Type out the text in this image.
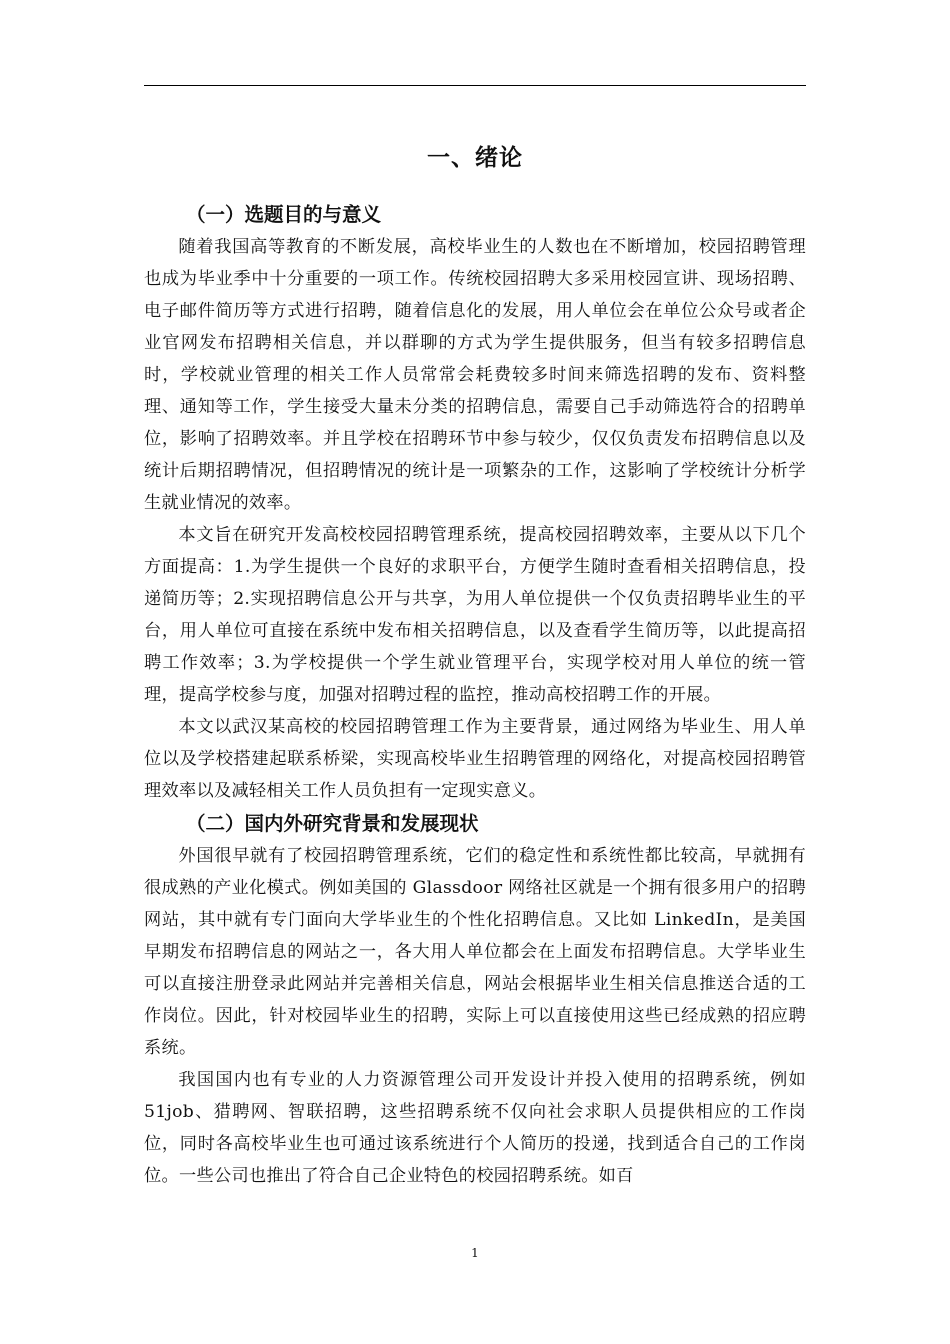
一、绪论
（一）选题目的与意义

随着我国高等教育的不断发展，高校毕业生的人数也在不断增加，校园招聘管理也成为毕业季中十分重要的一项工作。传统校园招聘大多采用校园宣讲、现场招聘、电子邮件简历等方式进行招聘，随着信息化的发展，用人单位会在单位公众号或者企业官网发布招聘相关信息，并以群聊的方式为学生提供服务，但当有较多招聘信息时，学校就业管理的相关工作人员常常会耗费较多时间来筛选招聘的发布、资料整理、通知等工作，学生接受大量未分类的招聘信息，需要自己手动筛选符合的招聘单位，影响了招聘效率。并且学校在招聘环节中参与较少，仅仅负责发布招聘信息以及统计后期招聘情况，但招聘情况的统计是一项繁杂的工作，这影响了学校统计分析学生就业情况的效率。

本文旨在研究开发高校校园招聘管理系统，提高校园招聘效率，主要从以下几个方面提高：1.为学生提供一个良好的求职平台，方便学生随时查看相关招聘信息，投递简历等；2.实现招聘信息公开与共享，为用人单位提供一个仅负责招聘毕业生的平台，用人单位可直接在系统中发布相关招聘信息，以及查看学生简历等，以此提高招聘工作效率；3.为学校提供一个学生就业管理平台，实现学校对用人单位的统一管理，提高学校参与度，加强对招聘过程的监控，推动高校招聘工作的开展。

本文以武汉某高校的校园招聘管理工作为主要背景，通过网络为毕业生、用人单位以及学校搭建起联系桥梁，实现高校毕业生招聘管理的网络化，对提高校园招聘管理效率以及减轻相关工作人员负担有一定现实意义。

（二）国内外研究背景和发展现状

外国很早就有了校园招聘管理系统，它们的稳定性和系统性都比较高，早就拥有很成熟的产业化模式。例如美国的 Glassdoor 网络社区就是一个拥有很多用户的招聘网站，其中就有专门面向大学毕业生的个性化招聘信息。又比如 LinkedIn，是美国早期发布招聘信息的网站之一，各大用人单位都会在上面发布招聘信息。大学毕业生可以直接注册登录此网站并完善相关信息，网站会根据毕业生相关信息推送合适的工作岗位。因此，针对校园毕业生的招聘，实际上可以直接使用这些已经成熟的招应聘系统。

我国国内也有专业的人力资源管理公司开发设计并投入使用的招聘系统，例如 51job、猎聘网、智联招聘，这些招聘系统不仅向社会求职人员提供相应的工作岗位，同时各高校毕业生也可通过该系统进行个人简历的投递，找到适合自己的工作岗位。一些公司也推出了符合自己企业特色的校园招聘系统。如百

1
